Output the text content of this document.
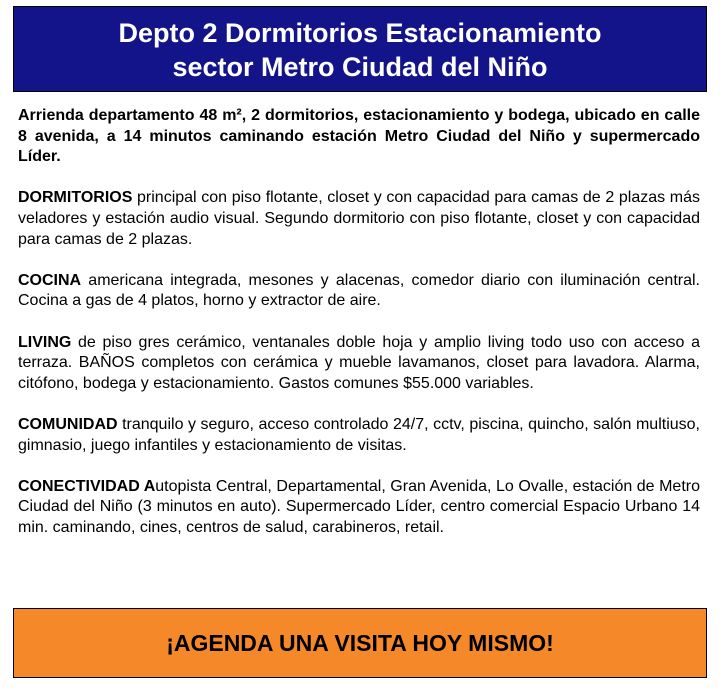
Depto 2 Dormitorios Estacionamiento
sector Metro Ciudad del Niño

Arrienda departamento 48 m², 2 dormitorios, estacionamiento y bodega, ubicado en calle 8 avenida, a 14 minutos caminando estación Metro Ciudad del Niño y supermercado Líder.

DORMITORIOS principal con piso flotante, closet y con capacidad para camas de 2 plazas más veladores y estación audio visual. Segundo dormitorio con piso flotante, closet y con capacidad para camas de 2 plazas.

COCINA americana integrada, mesones y alacenas, comedor diario con iluminación central. Cocina a gas de 4 platos, horno y extractor de aire.

LIVING de piso gres cerámico, ventanales doble hoja y amplio living todo uso con acceso a terraza. BAÑOS completos con cerámica y mueble lavamanos, closet para lavadora. Alarma, citófono, bodega y estacionamiento. Gastos comunes $55.000 variables.

COMUNIDAD tranquilo y seguro, acceso controlado 24/7, cctv, piscina, quincho, salón multiuso, gimnasio, juego infantiles y estacionamiento de visitas.

CONECTIVIDAD Autopista Central, Departamental, Gran Avenida, Lo Ovalle, estación de Metro Ciudad del Niño (3 minutos en auto). Supermercado Líder, centro comercial Espacio Urbano 14 min. caminando, cines, centros de salud, carabineros, retail.

¡AGENDA UNA VISITA HOY MISMO!
